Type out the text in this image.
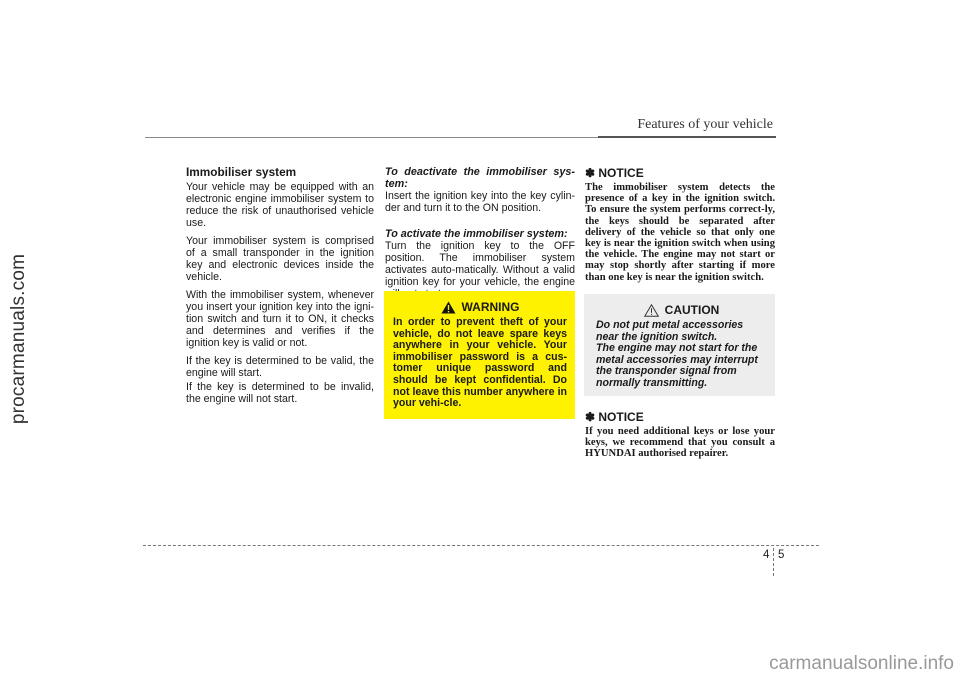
procarmanuals.com
Features of your vehicle
Immobiliser system

Your vehicle may be equipped with an electronic engine immobiliser system to reduce the risk of unauthorised vehicle use.

Your immobiliser system is comprised of a small transponder in the ignition key and electronic devices inside the vehicle.

With the immobiliser system, whenever you insert your ignition key into the igni-tion switch and turn it to ON, it checks and determines and verifies if the ignition key is valid or not.

If the key is determined to be valid, the engine will start.

If the key is determined to be invalid, the engine will not start.

To deactivate the immobiliser sys-tem:

Insert the ignition key into the key cylin-der and turn it to the ON position.

To activate the immobiliser system:

Turn the ignition key to the OFF position. The immobiliser system activates auto-matically. Without a valid ignition key for your vehicle, the engine

WARNING
In order to prevent theft of your vehicle, do not leave spare keys anywhere in your vehicle. Your immobiliser password is a cus-tomer unique password and should be kept confidential. Do not leave this number anywhere in your vehi-cle.
✽ NOTICE
The immobiliser system detects the presence of a key in the ignition switch. To ensure the system performs correct-ly, the keys should be separated after delivery of the vehicle so that only one key is near the ignition switch when using the vehicle. The engine may not start or may stop shortly after starting if more than one key is near the ignition switch.
CAUTION

Do not put metal accessories near the ignition switch.

The engine may not start for the metal accessories may interrupt the transponder signal from normally transmitting.

✽ NOTICE
If you need additional keys or lose your keys, we recommend that you consult a HYUNDAI authorised repairer.
4 5
carmanualsonline.info
